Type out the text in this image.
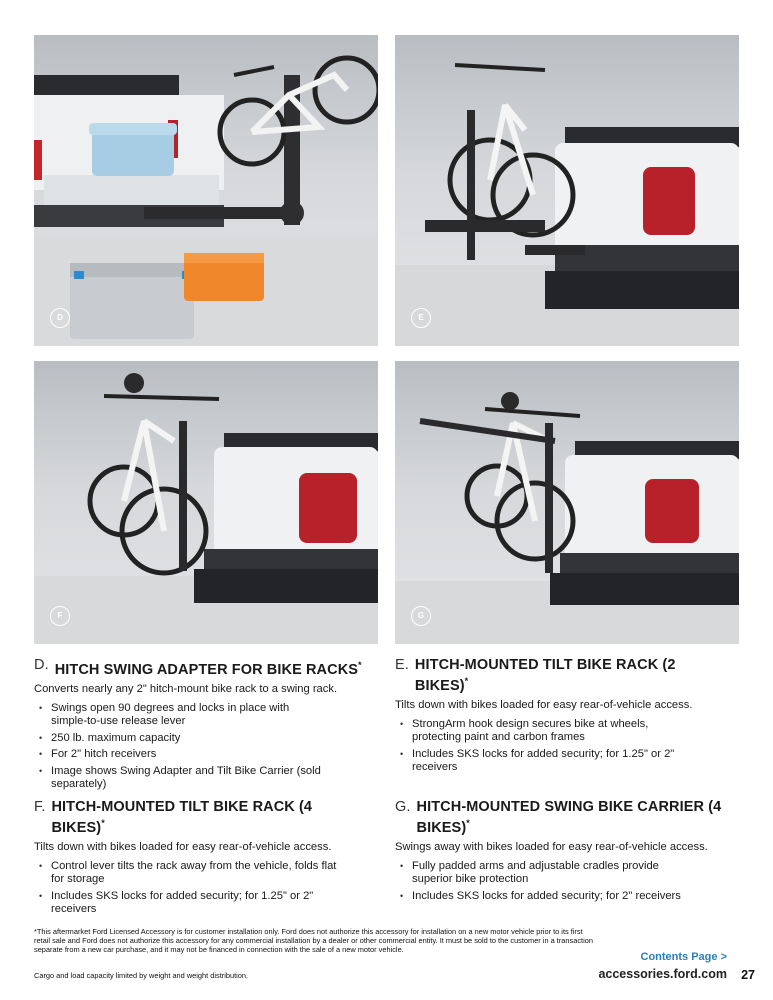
D	E
F	G
D. HITCH SWING ADAPTER FOR BIKE RACKS*

Converts nearly any 2" hitch-mount bike rack to a swing rack.

• Swings open 90 degrees and locks in place with simple-to-use release lever
• 250 lb. maximum capacity
• For 2" hitch receivers
• Image shows Swing Adapter and Tilt Bike Carrier (sold separately)
E. HITCH-MOUNTED TILT BIKE RACK (2 BIKES)*

Tilts down with bikes loaded for easy rear-of-vehicle access.

• StrongArm hook design secures bike at wheels, protecting paint and carbon frames
• Includes SKS locks for added security; for 1.25" or 2" receivers
F. HITCH-MOUNTED TILT BIKE RACK (4 BIKES)*

Tilts down with bikes loaded for easy rear-of-vehicle access.

• Control lever tilts the rack away from the vehicle, folds flat for storage
• Includes SKS locks for added security; for 1.25" or 2" receivers
G. HITCH-MOUNTED SWING BIKE CARRIER (4 BIKES)*

Swings away with bikes loaded for easy rear-of-vehicle access.

• Fully padded arms and adjustable cradles provide superior bike protection
• Includes SKS locks for added security; for 2" receivers
*This aftermarket Ford Licensed Accessory is for customer installation only. Ford does not authorize this accessory for installation on a new motor vehicle prior to its first retail sale and Ford does not authorize this accessory for any commercial installation by a dealer or other commercial entity. It must be sold to the customer in a transaction separate from a new car purchase, and it may not be financed in connection with the sale of a new motor vehicle.
Cargo and load capacity limited by weight and weight distribution.
Contents Page >
accessories.ford.com 27
